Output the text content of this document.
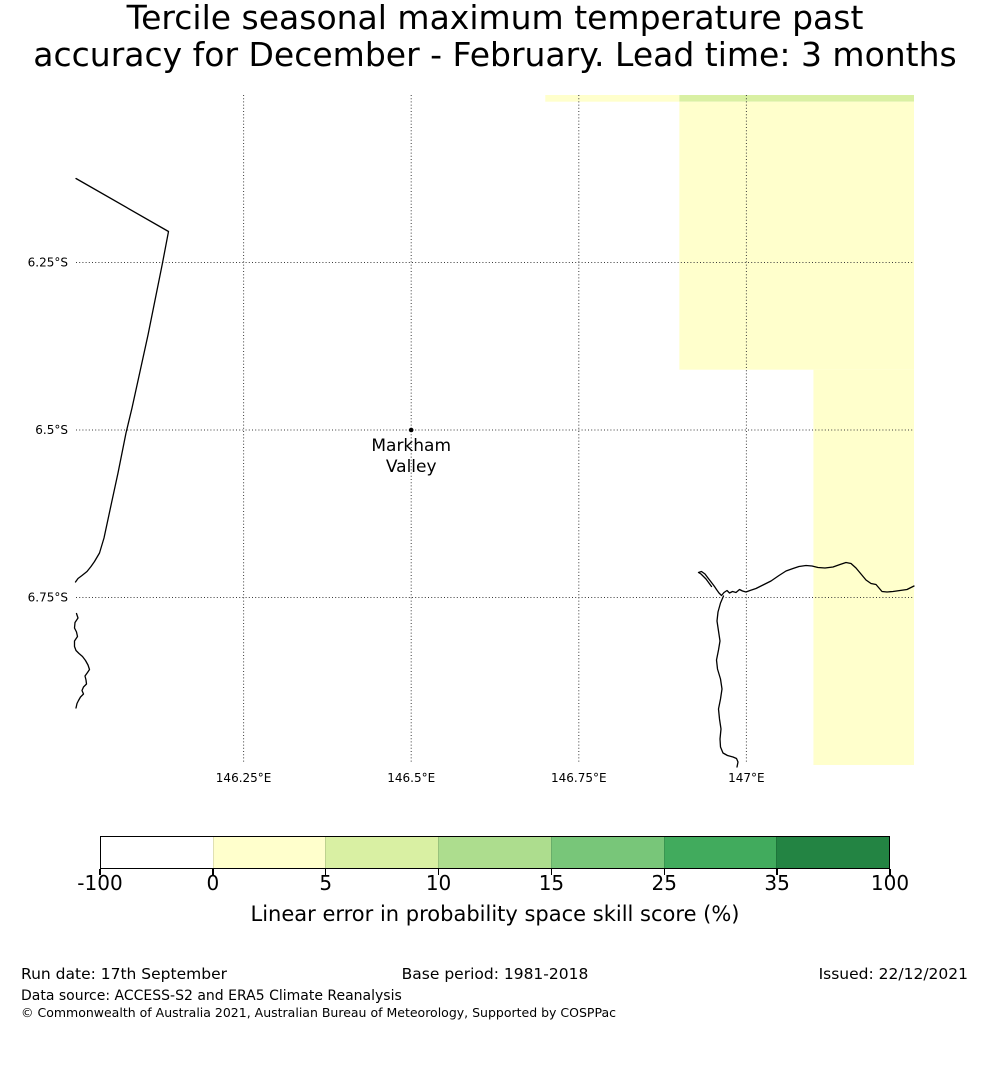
Tercile seasonal maximum temperature past
accuracy for December - February. Lead time: 3 months
146.25°E	146.5°E	146.75°E	147°E
6.25°S
6.5°S
6.75°S
Markham
Valley
-100	0	5	10	15	25	35	100
Linear error in probability space skill score (%)
Run date: 17th September	Base period: 1981-2018	Issued: 22/12/2021
Data source: ACCESS-S2 and ERA5 Climate Reanalysis
© Commonwealth of Australia 2021, Australian Bureau of Meteorology, Supported by COSPPac
